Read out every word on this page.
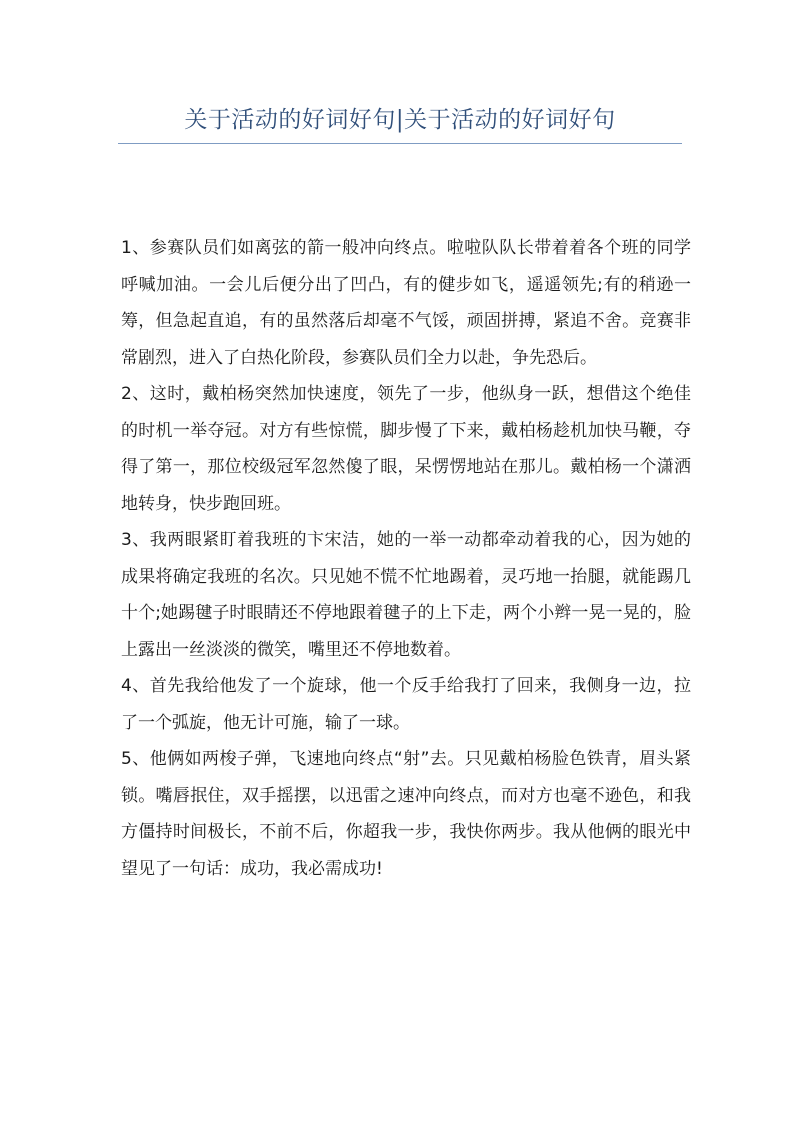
关于活动的好词好句|关于活动的好词好句

1、参赛队员们如离弦的箭一般冲向终点。啦啦队队长带着着各个班的同学呼喊加油。一会儿后便分出了凹凸，有的健步如飞，遥遥领先;有的稍逊一筹，但急起直追，有的虽然落后却毫不气馁，顽固拼搏，紧追不舍。竞赛非常剧烈，进入了白热化阶段，参赛队员们全力以赴，争先恐后。

2、这时，戴柏杨突然加快速度，领先了一步，他纵身一跃，想借这个绝佳的时机一举夺冠。对方有些惊慌，脚步慢了下来，戴柏杨趁机加快马鞭，夺得了第一，那位校级冠军忽然傻了眼，呆愣愣地站在那儿。戴柏杨一个潇洒地转身，快步跑回班。

3、我两眼紧盯着我班的卞宋洁，她的一举一动都牵动着我的心，因为她的成果将确定我班的名次。只见她不慌不忙地踢着，灵巧地一抬腿，就能踢几十个;她踢毽子时眼睛还不停地跟着毽子的上下走，两个小辫一晃一晃的，脸上露出一丝淡淡的微笑，嘴里还不停地数着。

4、首先我给他发了一个旋球，他一个反手给我打了回来，我侧身一边，拉了一个弧旋，他无计可施，输了一球。

5、他俩如两梭子弹，飞速地向终点“射”去。只见戴柏杨脸色铁青，眉头紧锁。嘴唇抿住，双手摇摆，以迅雷之速冲向终点，而对方也毫不逊色，和我方僵持时间极长，不前不后，你超我一步，我快你两步。我从他俩的眼光中望见了一句话：成功，我必需成功!
